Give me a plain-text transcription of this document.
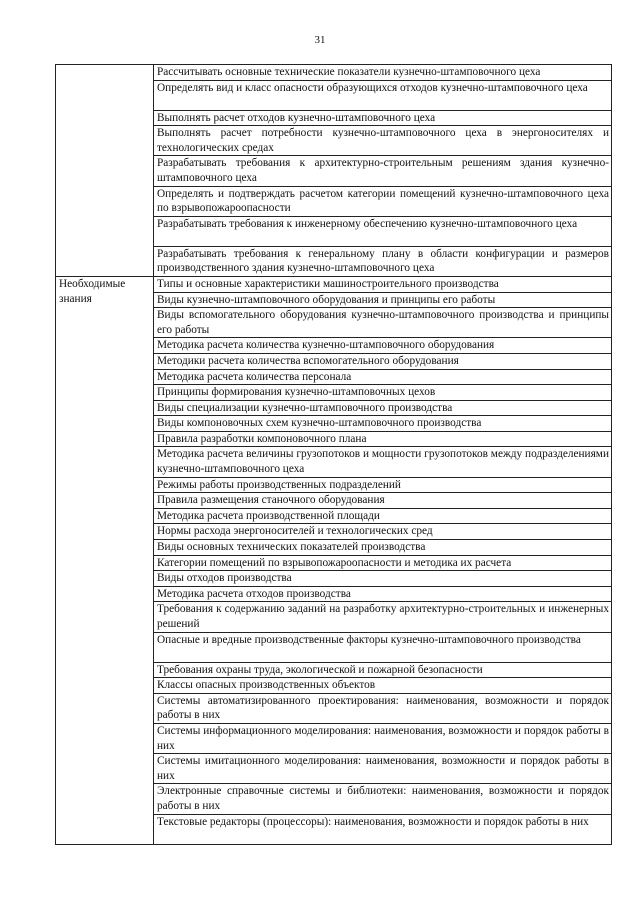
31
	Рассчитывать основные технические показатели кузнечно-штамповочного цеха
	Определять вид и класс опасности образующихся отходов кузнечно-штамповочного цеха
	Выполнять расчет отходов кузнечно-штамповочного цеха
	Выполнять расчет потребности кузнечно-штамповочного цеха в энергоносителях и технологических средах
	Разрабатывать требования к архитектурно-строительным решениям здания кузнечно-штамповочного цеха
	Определять и подтверждать расчетом категории помещений кузнечно-штамповочного цеха по взрывопожароопасности
	Разрабатывать требования к инженерному обеспечению кузнечно-штамповочного цеха
	Разрабатывать требования к генеральному плану в области конфигурации и размеров производственного здания кузнечно-штамповочного цеха
Необходимые знания	Типы и основные характеристики машиностроительного производства
	Виды кузнечно-штамповочного оборудования и принципы его работы
	Виды вспомогательного оборудования кузнечно-штамповочного производства и принципы его работы
	Методика расчета количества кузнечно-штамповочного оборудования
	Методики расчета количества вспомогательного оборудования
	Методика расчета количества персонала
	Принципы формирования кузнечно-штамповочных цехов
	Виды специализации кузнечно-штамповочного производства
	Виды компоновочных схем кузнечно-штамповочного производства
	Правила разработки компоновочного плана
	Методика расчета величины грузопотоков и мощности грузопотоков между подразделениями кузнечно-штамповочного цеха
	Режимы работы производственных подразделений
	Правила размещения станочного оборудования
	Методика расчета производственной площади
	Нормы расхода энергоносителей и технологических сред
	Виды основных технических показателей производства
	Категории помещений по взрывопожароопасности и методика их расчета
	Виды отходов производства
	Методика расчета отходов производства
	Требования к содержанию заданий на разработку архитектурно-строительных и инженерных решений
	Опасные и вредные производственные факторы кузнечно-штамповочного производства
	Требования охраны труда, экологической и пожарной безопасности
	Классы опасных производственных объектов
	Системы автоматизированного проектирования: наименования, возможности и порядок работы в них
	Системы информационного моделирования: наименования, возможности и порядок работы в них
	Системы имитационного моделирования: наименования, возможности и порядок работы в них
	Электронные справочные системы и библиотеки: наименования, возможности и порядок работы в них
	Текстовые редакторы (процессоры): наименования, возможности и порядок работы в них
